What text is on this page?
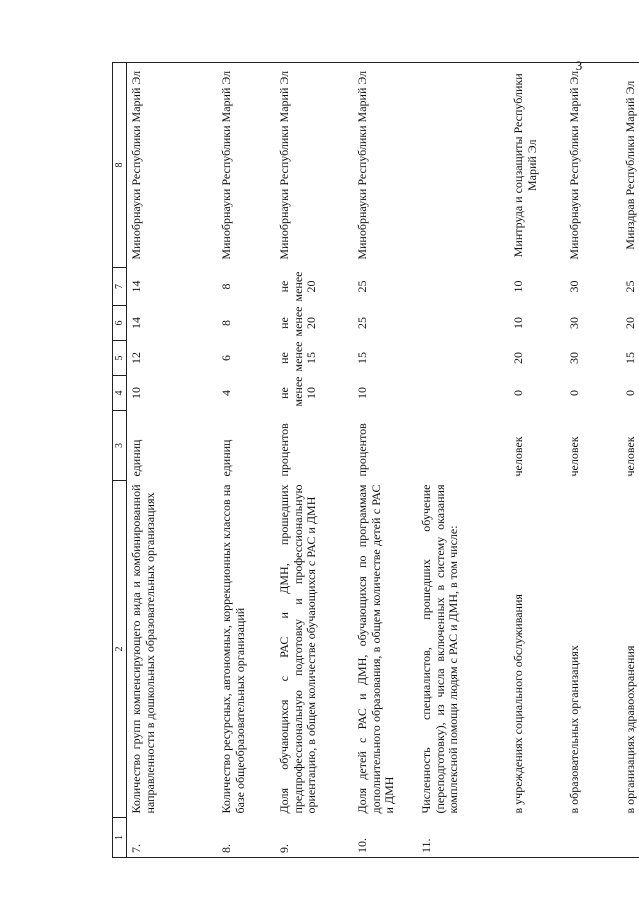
3
1	2	3	4	5	6	7	8
7.	Количество групп компенсирующего вида и комбинированной направленности в дошкольных образовательных организациях	единиц	10	12	14	14	Минобрнауки Республики Марий Эл
8.	Количество ресурсных, автономных, коррекционных классов на базе общеобразовательных организаций	единиц	4	6	8	8	Минобрнауки Республики Марий Эл
9.	Доля обучающихся с РАС и ДМН, прошедших предпрофессиональную подготовку и профессиональную ориентацию, в общем количестве обучающихся с РАС и ДМН	процентов	не менее 10	не менее 15	не менее 20	не менее 20	Минобрнауки Республики Марий Эл
10.	Доля детей с РАС и ДМН, обучающихся по программам дополнительного образования, в общем количестве детей с РАС и ДМН	процентов	10	15	25	25	Минобрнауки Республики Марий Эл
11.	Численность специалистов, прошедших обучение (переподготовку), из числа включенных в систему оказания комплексной помощи людям с РАС и ДМН, в том числе:						
	в учреждениях социального обслуживания	человек	0	20	10	10	Минтруда и соцзащиты Республики Марий Эл
	в образовательных организациях	человек	0	30	30	30	Минобрнауки Республики Марий Эл
	в организациях здравоохранения	человек	0	15	20	25	Минздрав Республики Марий Эл
